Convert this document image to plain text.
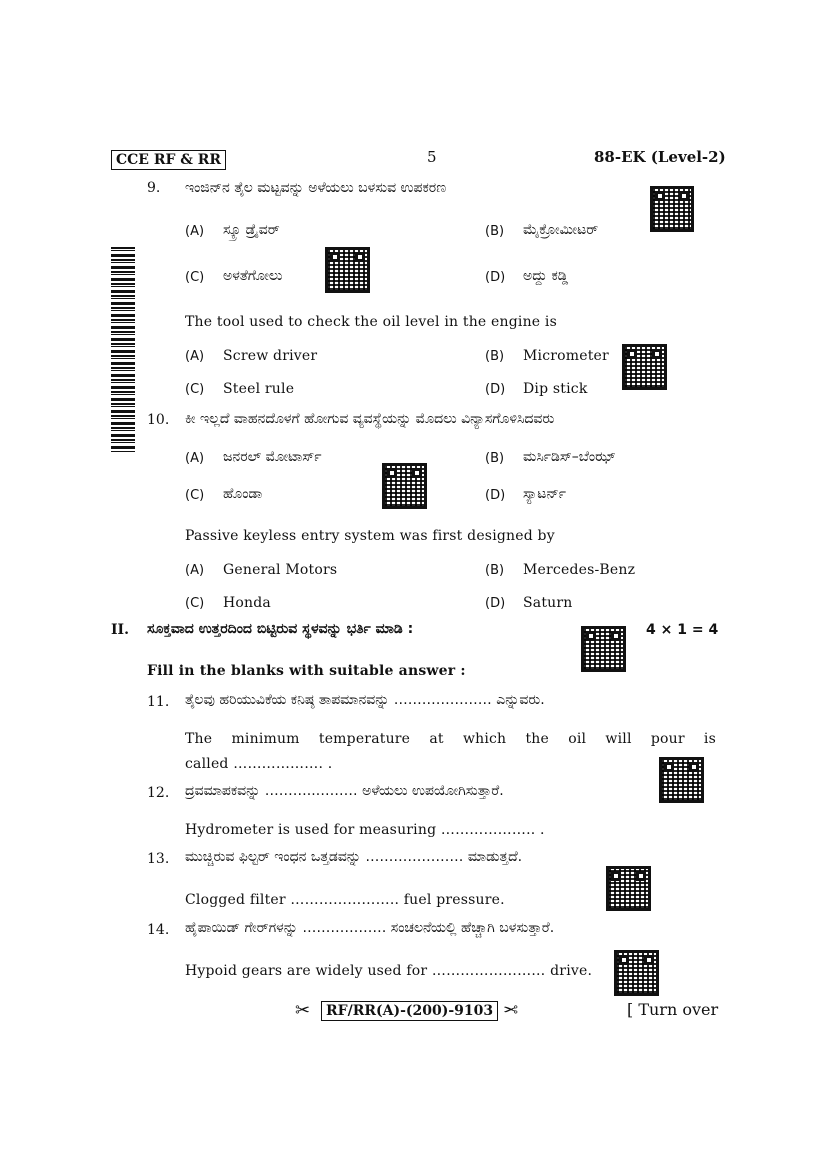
CCE RF & RR	5	88-EK (Level-2)
9. ಇಂಜಿನ್‌ನ ತೈಲ ಮಟ್ಟವನ್ನು ಅಳೆಯಲು ಬಳಸುವ ಉಪಕರಣ
(A) ಸ್ಕ್ರೂ ಡ್ರೈವರ್	(B) ಮೈಕ್ರೋಮೀಟರ್
(C) ಅಳತೆಗೋಲು	(D) ಅದ್ದು ಕಡ್ಡಿ
The tool used to check the oil level in the engine is
(A) Screw driver	(B) Micrometer
(C) Steel rule	(D) Dip stick
10. ಕೀ ಇಲ್ಲದೆ ವಾಹನದೊಳಗೆ ಹೋಗುವ ವ್ಯವಸ್ಥೆಯನ್ನು ಮೊದಲು ವಿನ್ಯಾಸಗೊಳಿಸಿದವರು
(A) ಜನರಲ್ ಮೋಟಾರ್ಸ್	(B) ಮರ್ಸಿಡಿಸ್–ಬೆಂಝ್
(C) ಹೊಂಡಾ	(D) ಸ್ಯಾಟರ್ನ್
Passive keyless entry system was first designed by
(A) General Motors	(B) Mercedes-Benz
(C) Honda	(D) Saturn
II. ಸೂಕ್ತವಾದ ಉತ್ತರದಿಂದ ಬಿಟ್ಟಿರುವ ಸ್ಥಳವನ್ನು ಭರ್ತಿ ಮಾಡಿ :	4 × 1 = 4
Fill in the blanks with suitable answer :
11. ತೈಲವು ಹರಿಯುವಿಕೆಯ ಕನಿಷ್ಠ ತಾಪಮಾನವನ್ನು ………………… ಎನ್ನುವರು.
The minimum temperature at which the oil will pour is
called ………………. .
12. ದ್ರವಮಾಪಕವನ್ನು ………..……… ಅಳೆಯಲು ಉಪಯೋಗಿಸುತ್ತಾರೆ.
Hydrometer is used for measuring ……………….. .
13. ಮುಚ್ಚಿರುವ ಫಿಲ್ಟರ್ ಇಂಧನ ಒತ್ತಡವನ್ನು ………………… ಮಾಡುತ್ತದೆ.
Clogged filter ………………….. fuel pressure.
14. ಹೈಪಾಯಿಡ್ ಗೇರ್‌ಗಳನ್ನು ……………… ಸಂಚಲನೆಯಲ್ಲಿ ಹೆಚ್ಚಾಗಿ ಬಳಸುತ್ತಾರೆ.
Hypoid gears are widely used for …………………… drive.
✂	RF/RR(A)-(200)-9103 ✂	[ Turn over
